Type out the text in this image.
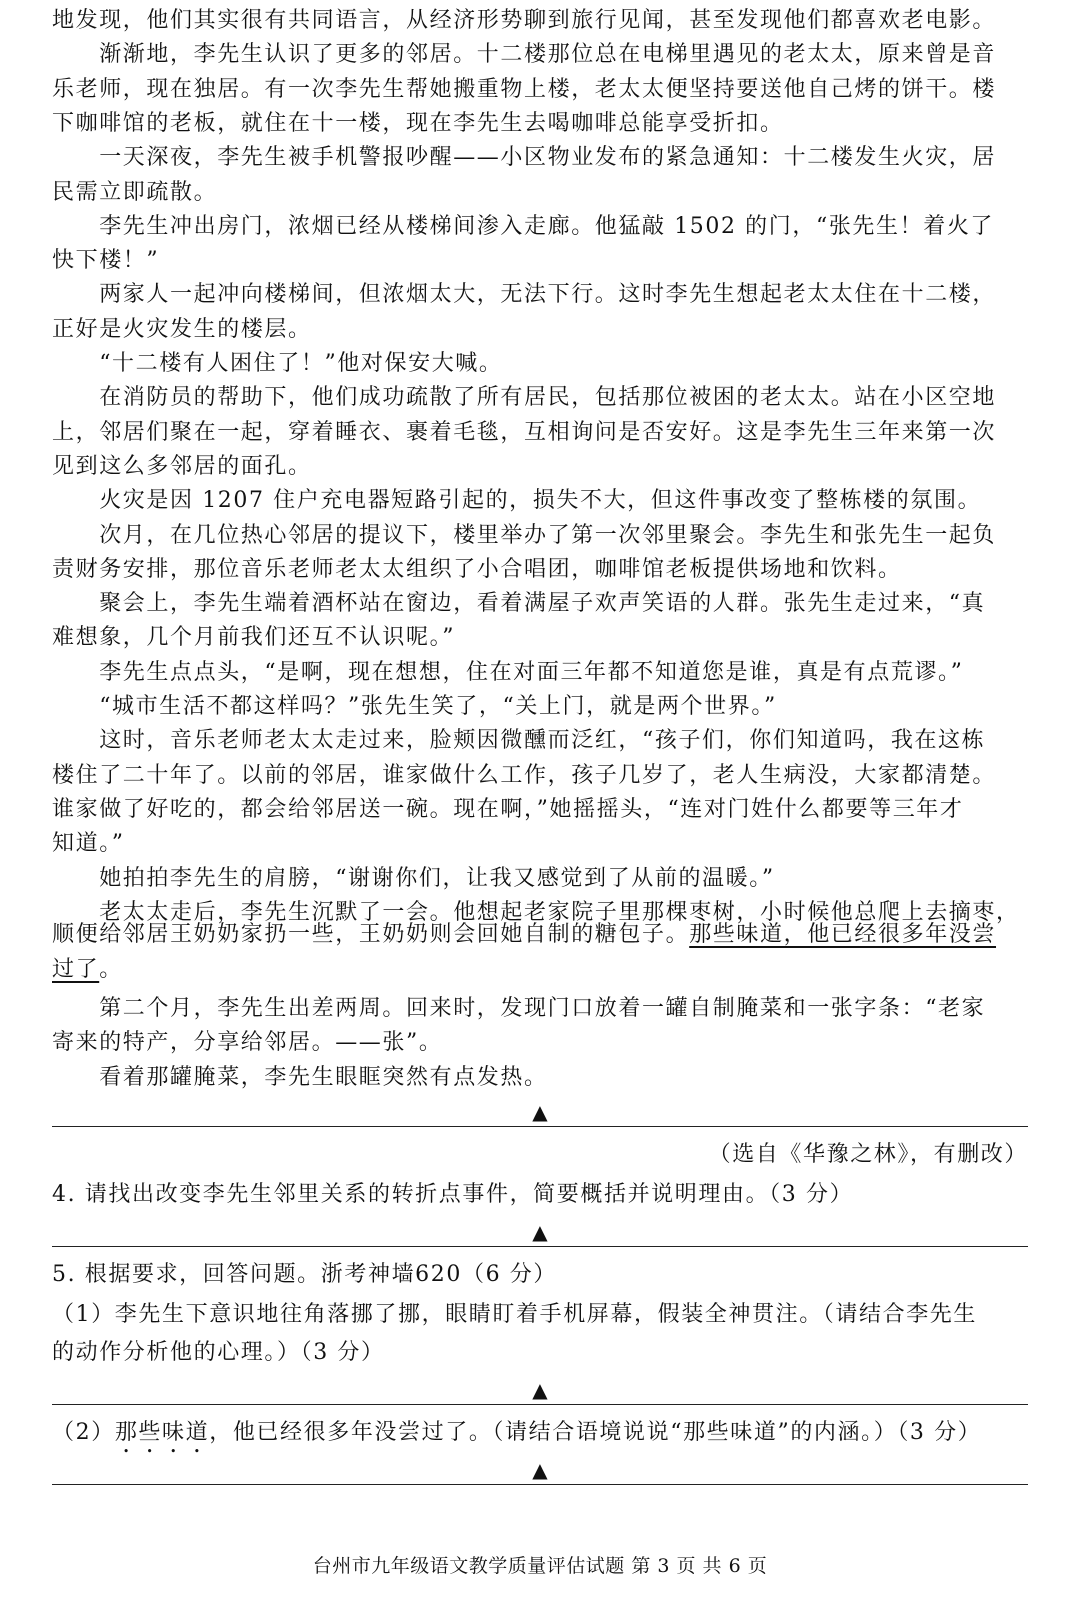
地发现，他们其实很有共同语言，从经济形势聊到旅行见闻，甚至发现他们都喜欢老电影。
　　渐渐地，李先生认识了更多的邻居。十二楼那位总在电梯里遇见的老太太，原来曾是音
乐老师，现在独居。有一次李先生帮她搬重物上楼，老太太便坚持要送他自己烤的饼干。楼
下咖啡馆的老板，就住在十一楼，现在李先生去喝咖啡总能享受折扣。
　　一天深夜，李先生被手机警报吵醒——小区物业发布的紧急通知：十二楼发生火灾，居
民需立即疏散。
　　李先生冲出房门，浓烟已经从楼梯间渗入走廊。他猛敲 1502 的门，“张先生！着火了
快下楼！”
　　两家人一起冲向楼梯间，但浓烟太大，无法下行。这时李先生想起老太太住在十二楼，
正好是火灾发生的楼层。
　　“十二楼有人困住了！”他对保安大喊。
　　在消防员的帮助下，他们成功疏散了所有居民，包括那位被困的老太太。站在小区空地
上，邻居们聚在一起，穿着睡衣、裹着毛毯，互相询问是否安好。这是李先生三年来第一次
见到这么多邻居的面孔。
　　火灾是因 1207 住户充电器短路引起的，损失不大，但这件事改变了整栋楼的氛围。
　　次月，在几位热心邻居的提议下，楼里举办了第一次邻里聚会。李先生和张先生一起负
责财务安排，那位音乐老师老太太组织了小合唱团，咖啡馆老板提供场地和饮料。
　　聚会上，李先生端着酒杯站在窗边，看着满屋子欢声笑语的人群。张先生走过来，“真
难想象，几个月前我们还互不认识呢。”
　　李先生点点头，“是啊，现在想想，住在对面三年都不知道您是谁，真是有点荒谬。”
　　“城市生活不都这样吗？”张先生笑了，“关上门，就是两个世界。”
　　这时，音乐老师老太太走过来，脸颊因微醺而泛红，“孩子们，你们知道吗，我在这栋
楼住了二十年了。以前的邻居，谁家做什么工作，孩子几岁了，老人生病没，大家都清楚。
谁家做了好吃的，都会给邻居送一碗。现在啊，”她摇摇头，“连对门姓什么都要等三年才
知道。”
　　她拍拍李先生的肩膀，“谢谢你们，让我又感觉到了从前的温暖。”
　　老太太走后，李先生沉默了一会。他想起老家院子里那棵枣树，小时候他总爬上去摘枣，
顺便给邻居王奶奶家扔一些，王奶奶则会回她自制的糖包子。那些味道，他已经很多年没尝
过了。
　　第二个月，李先生出差两周。回来时，发现门口放着一罐自制腌菜和一张字条：“老家
寄来的特产，分享给邻居。——张”。
　　看着那罐腌菜，李先生眼眶突然有点发热。
▲
（选自《华豫之林》，有删改）
4. 请找出改变李先生邻里关系的转折点事件，简要概括并说明理由。（3 分）
▲
5. 根据要求，回答问题。浙考神墙620（6 分）
（1）李先生下意识地往角落挪了挪，眼睛盯着手机屏幕，假装全神贯注。（请结合李先生
的动作分析他的心理。）（3 分）
▲
（2）那些味道，他已经很多年没尝过了。（请结合语境说说“那些味道”的内涵。）（3 分）
▲
台州市九年级语文教学质量评估试题 第 3 页 共 6 页
